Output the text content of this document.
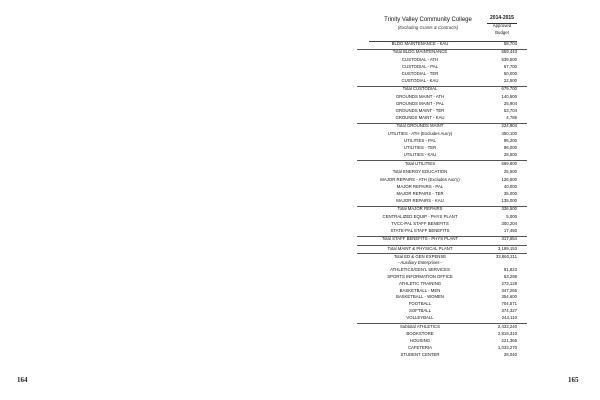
164	165
Trinity Valley Community College
(Excluding Grants & Contracts)
2014-2015
Approved
Budget
BLDG MAINTENANCE - KAU	58,704
Total BLDG MAINTENANCE	659,443
CUSTODIAL - ATH	539,500
CUSTODIAL - PAL	67,700
CUSTODIAL - TER	50,000
CUSTODIAL - KAU	22,500
Total CUSTODIAL	679,700
GROUNDS MAINT - ATH	140,500
GROUNDS MAINT - PAL	25,904
GROUNDS MAINT - TER	53,704
GROUNDS MAINT - KAU	4,786
Total GROUNDS MAINT	224,904
UTILITIES - ATH (Excludes Aux'y)	450,100
UTILITIES - PAL	95,200
UTILITIES - TER	96,000
UTILITIES - KAU	28,500
Total UTILITIES	669,800
Total ENERGY EDUCATION	25,500
MAJOR REPAIRS - ATH (Excludes Aux'y)	126,500
MAJOR REPAIRS - PAL	40,000
MAJOR REPAIRS - TER	35,000
MAJOR REPAIRS - KAU	135,000
Total MAJOR REPAIRS	336,500
CENTRALIZED EQUIP - PHYS PLANT	5,000
TVCC-PAL STAFF BENEFITS	300,204
STATE-PAL STAFF BENEFITS	17,450
Total STAFF BENEFITS - PHYS PLANT	317,654
Total MAINT & PHYSICAL PLANT	3,199,153
Total ED & GEN EXPENSE	33,860,211
--Auxiliary Enterprises--
ATHLETICS/GEN'L SERVICES	81,823
SPORTS INFORMATION OFFICE	53,298
ATHLETIC TRAINING	273,128
BASKETBALL - MEN	347,265
BASKETBALL - WOMEN	354,600
FOOTBALL	704,571
SOFTBALL	374,327
VOLLEYBALL	244,110
Subtotal ATHLETICS	2,433,240
BOOKSTORE	2,819,310
HOUSING	221,365
CAFETERIA	1,033,270
STUDENT CENTER	28,040
